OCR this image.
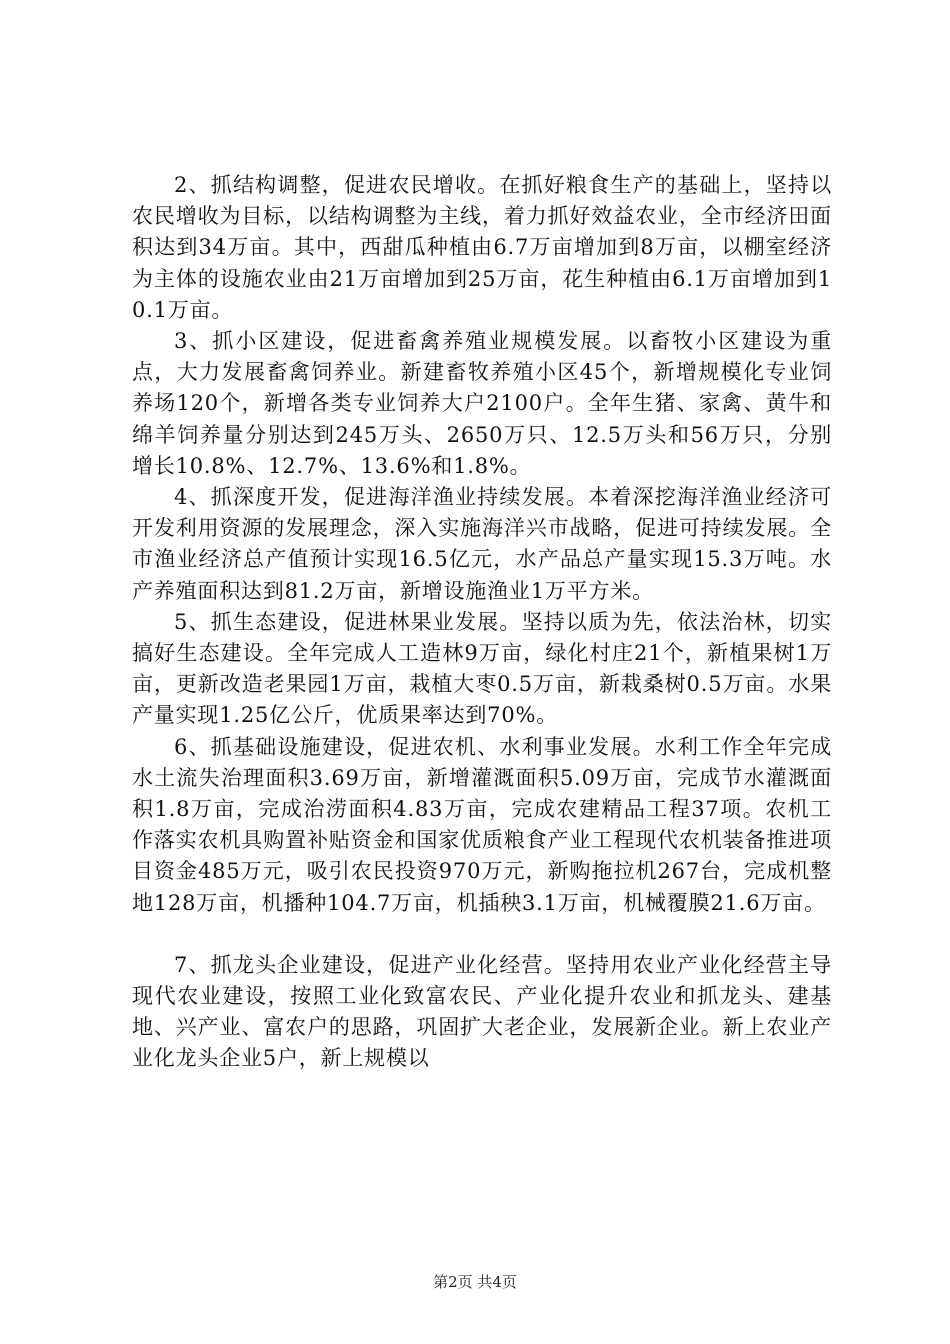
2、抓结构调整，促进农民增收。在抓好粮食生产的基础上，坚持以农民增收为目标，以结构调整为主线，着力抓好效益农业，全市经济田面积达到34万亩。其中，西甜瓜种植由6.7万亩增加到8万亩，以棚室经济为主体的设施农业由21万亩增加到25万亩，花生种植由6.1万亩增加到10.1万亩。

3、抓小区建设，促进畜禽养殖业规模发展。以畜牧小区建设为重点，大力发展畜禽饲养业。新建畜牧养殖小区45个，新增规模化专业饲养场120个，新增各类专业饲养大户2100户。全年生猪、家禽、黄牛和绵羊饲养量分别达到245万头、2650万只、12.5万头和56万只，分别增长10.8%、12.7%、13.6%和1.8%。

4、抓深度开发，促进海洋渔业持续发展。本着深挖海洋渔业经济可开发利用资源的发展理念，深入实施海洋兴市战略，促进可持续发展。全市渔业经济总产值预计实现16.5亿元，水产品总产量实现15.3万吨。水产养殖面积达到81.2万亩，新增设施渔业1万平方米。

5、抓生态建设，促进林果业发展。坚持以质为先，依法治林，切实搞好生态建设。全年完成人工造林9万亩，绿化村庄21个，新植果树1万亩，更新改造老果园1万亩，栽植大枣0.5万亩，新栽桑树0.5万亩。水果产量实现1.25亿公斤，优质果率达到70%。

6、抓基础设施建设，促进农机、水利事业发展。水利工作全年完成水土流失治理面积3.69万亩，新增灌溉面积5.09万亩，完成节水灌溉面积1.8万亩，完成治涝面积4.83万亩，完成农建精品工程37项。农机工作落实农机具购置补贴资金和国家优质粮食产业工程现代农机装备推进项目资金485万元，吸引农民投资970万元，新购拖拉机267台，完成机整地128万亩，机播种104.7万亩，机插秧3.1万亩，机械覆膜21.6万亩。

7、抓龙头企业建设，促进产业化经营。坚持用农业产业化经营主导现代农业建设，按照工业化致富农民、产业化提升农业和抓龙头、建基地、兴产业、富农户的思路，巩固扩大老企业，发展新企业。新上农业产业化龙头企业5户，新上规模以

第2页 共4页
